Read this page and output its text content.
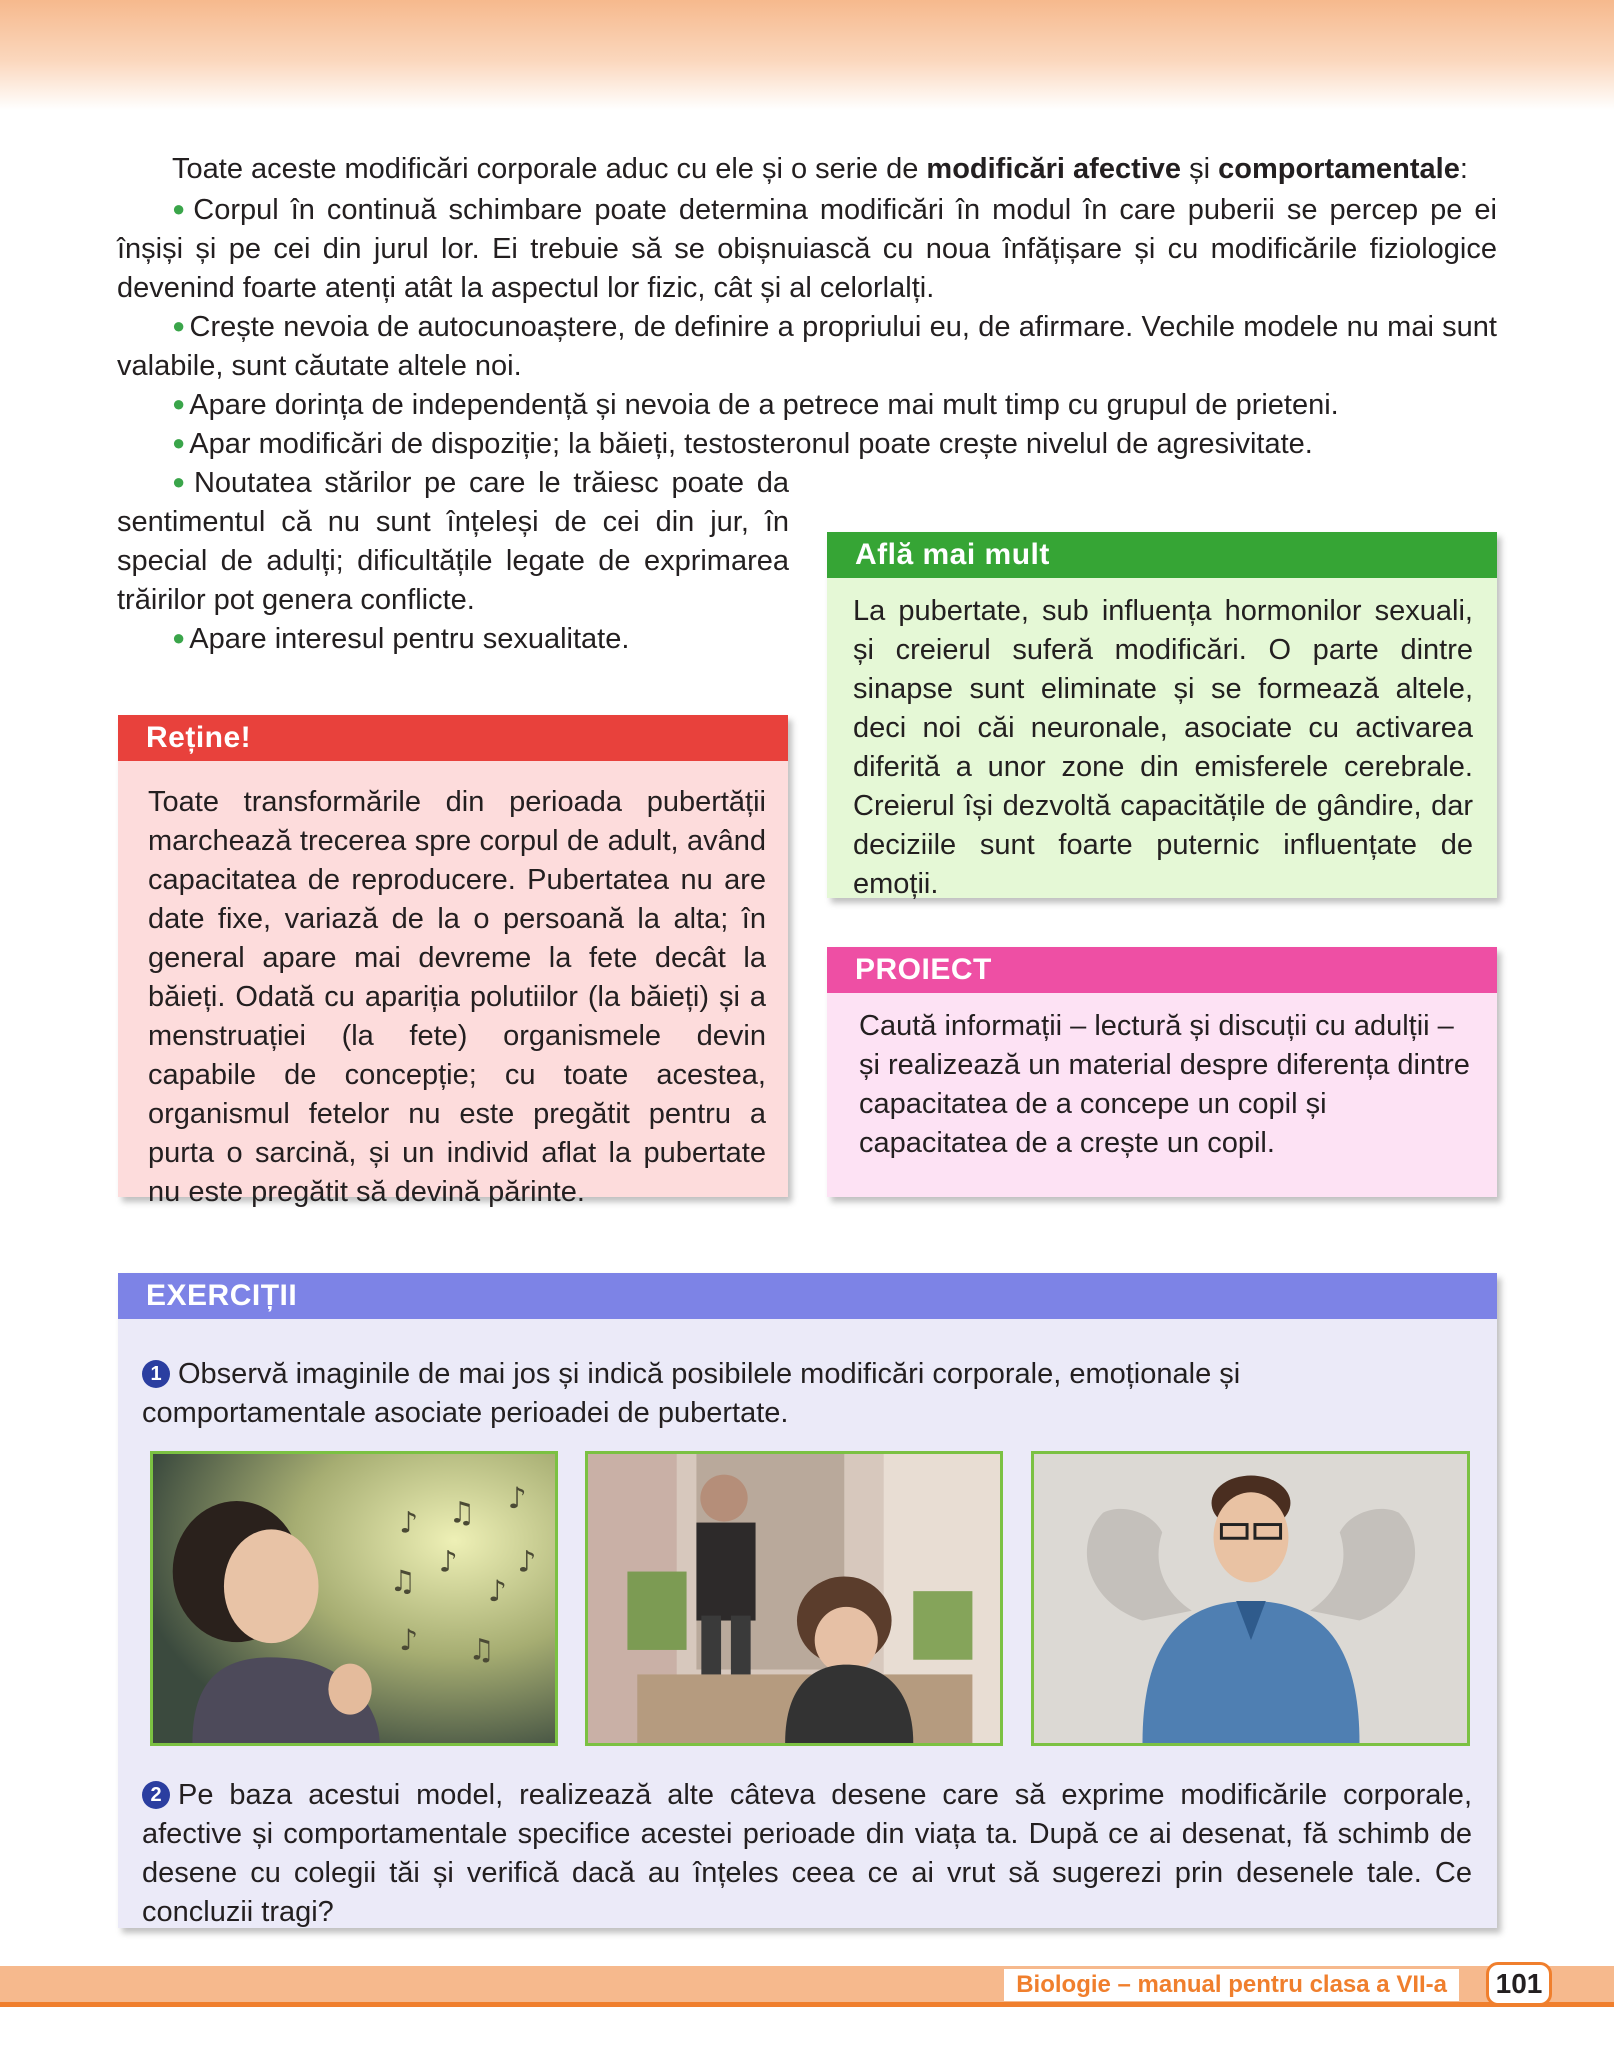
Toate aceste modificări corporale aduc cu ele și o serie de modificări afective și comportamentale:
● Corpul în continuă schimbare poate determina modificări în modul în care puberii se percep pe ei înșiși și pe cei din jurul lor. Ei trebuie să se obișnuiască cu noua înfățișare și cu modificările fiziologice devenind foarte atenți atât la aspectul lor fizic, cât și al celorlalți.
● Crește nevoia de autocunoaștere, de definire a propriului eu, de afirmare. Vechile modele nu mai sunt valabile, sunt căutate altele noi.
● Apare dorința de independență și nevoia de a petrece mai mult timp cu grupul de prieteni.
● Apar modificări de dispoziție; la băieți, testosteronul poate crește nivelul de agresivitate.
● Noutatea stărilor pe care le trăiesc poate da sentimentul că nu sunt înțeleși de cei din jur, în special de adulți; dificultățile legate de exprimarea trăirilor pot genera conflicte.
● Apare interesul pentru sexualitate.
Toate transformările din perioada pubertății marchează trecerea spre corpul de adult, având capacitatea de reproducere. Pubertatea nu are date fixe, variază de la o persoană la alta; în general apare mai devreme la fete decât la băieți. Odată cu apariția polutiilor (la băieți) și a menstruației (la fete) organismele devin capabile de concepție; cu toate acestea, organismul fetelor nu este pregătit pentru a purta o sarcină, și un individ aflat la pubertate nu este pregătit să devină părinte.
Reține!
La pubertate, sub influența hormonilor sexuali, și creierul suferă modificări. O parte dintre sinapse sunt eliminate și se formează altele, deci noi căi neuronale, asociate cu activarea diferită a unor zone din emisferele cerebrale. Creierul își dezvoltă capacitățile de gândire, dar deciziile sunt foarte puternic influențate de emoții.
Află mai mult
Caută informații – lectură și discuții cu adulții – și realizează un material despre diferența dintre capacitatea de a concepe un copil și capacitatea de a crește un copil.
PROIECT
EXERCIȚII
1 Observă imaginile de mai jos și indică posibilele modificări corporale, emoționale și comportamentale asociate perioadei de pubertate.
♪ ♫ ♪
♫
♪
♪
♪ ♫
♪
2 Pe baza acestui model, realizează alte câteva desene care să exprime modificările corporale, afective și comportamentale specifice acestei perioade din viața ta. După ce ai desenat, fă schimb de desene cu colegii tăi și verifică dacă au înțeles ceea ce ai vrut să sugerezi prin desenele tale. Ce concluzii tragi?
Biologie – manual pentru clasa a VII-a	101
